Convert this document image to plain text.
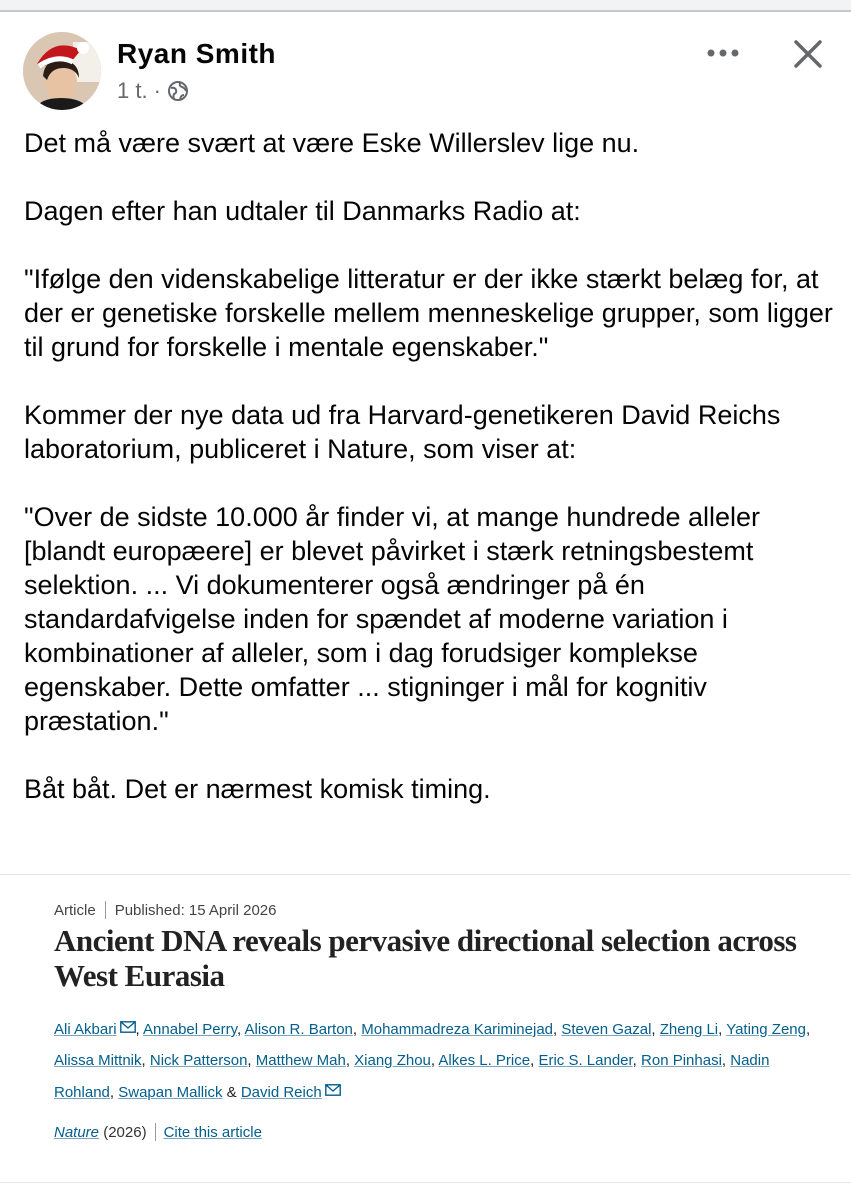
Ryan Smith
1 t. ·

Det må være svært at være Eske Willerslev lige nu.

Dagen efter han udtaler til Danmarks Radio at:

"Ifølge den videnskabelige litteratur er der ikke stærkt belæg for, at der er genetiske forskelle mellem menneskelige grupper, som ligger til grund for forskelle i mentale egenskaber."

Kommer der nye data ud fra Harvard-genetikeren David Reichs laboratorium, publiceret i Nature, som viser at:

"Over de sidste 10.000 år finder vi, at mange hundrede alleler [blandt europæere] er blevet påvirket i stærk retningsbestemt selektion. ... Vi dokumenterer også ændringer på én standardafvigelse inden for spændet af moderne variation i kombinationer af alleler, som i dag forudsiger komplekse egenskaber. Dette omfatter ... stigninger i mål for kognitiv præstation."

Båt båt. Det er nærmest komisk timing.

Article Published: 15 April 2026
Ancient DNA reveals pervasive directional selection across West Eurasia
Ali Akbari , Annabel Perry, Alison R. Barton, Mohammadreza Kariminejad, Steven Gazal, Zheng Li, Yating Zeng, Alissa Mittnik, Nick Patterson, Matthew Mah, Xiang Zhou, Alkes L. Price, Eric S. Lander, Ron Pinhasi, Nadin Rohland, Swapan Mallick & David Reich
Nature
(2026) Cite this article
